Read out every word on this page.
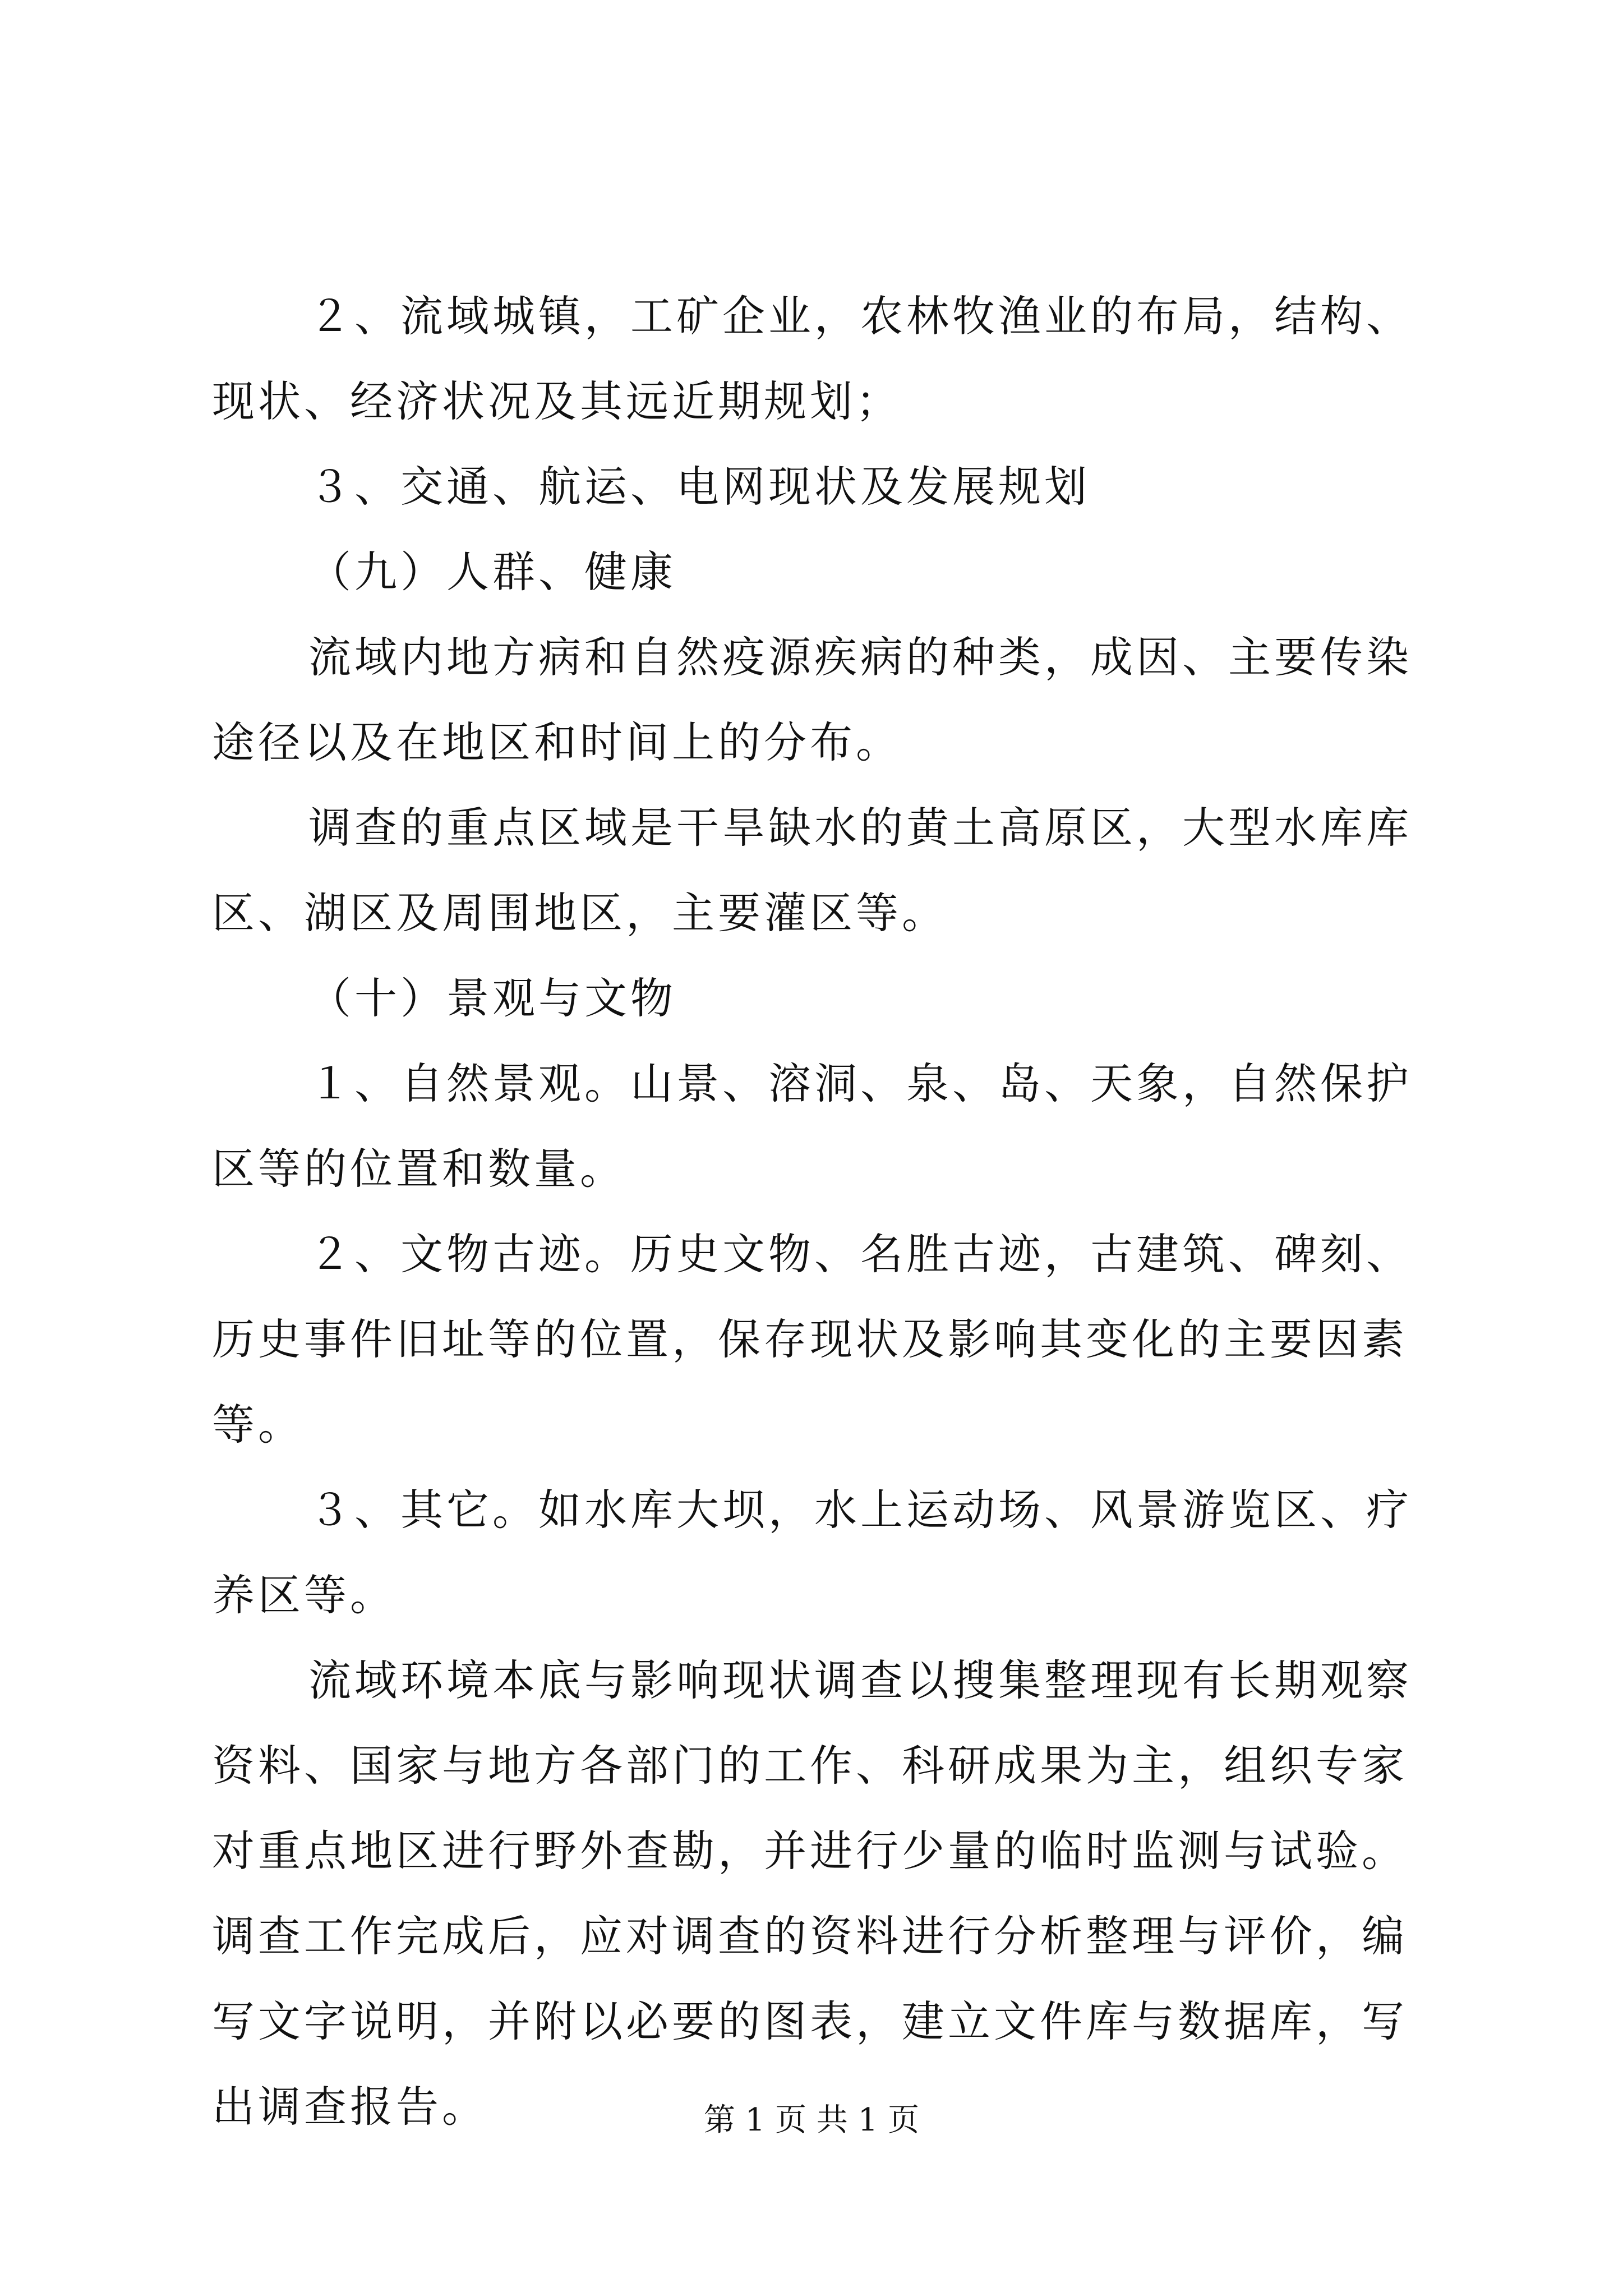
２、流域城镇，工矿企业，农林牧渔业的布局，结构、现状、经济状况及其远近期规划；

３、交通、航运、电网现状及发展规划

（九）人群、健康

流域内地方病和自然疫源疾病的种类，成因、主要传染途径以及在地区和时间上的分布。

调查的重点区域是干旱缺水的黄土高原区，大型水库库区、湖区及周围地区，主要灌区等。

（十）景观与文物

１、自然景观。山景、溶洞、泉、岛、天象，自然保护区等的位置和数量。

２、文物古迹。历史文物、名胜古迹，古建筑、碑刻、历史事件旧址等的位置，保存现状及影响其变化的主要因素等。

３、其它。如水库大坝，水上运动场、风景游览区、疗养区等。

流域环境本底与影响现状调查以搜集整理现有长期观察资料、国家与地方各部门的工作、科研成果为主，组织专家对重点地区进行野外查勘，并进行少量的临时监测与试验。调查工作完成后，应对调查的资料进行分析整理与评价，编写文字说明，并附以必要的图表，建立文件库与数据库，写出调查报告。	第 1 页 共 1 页
